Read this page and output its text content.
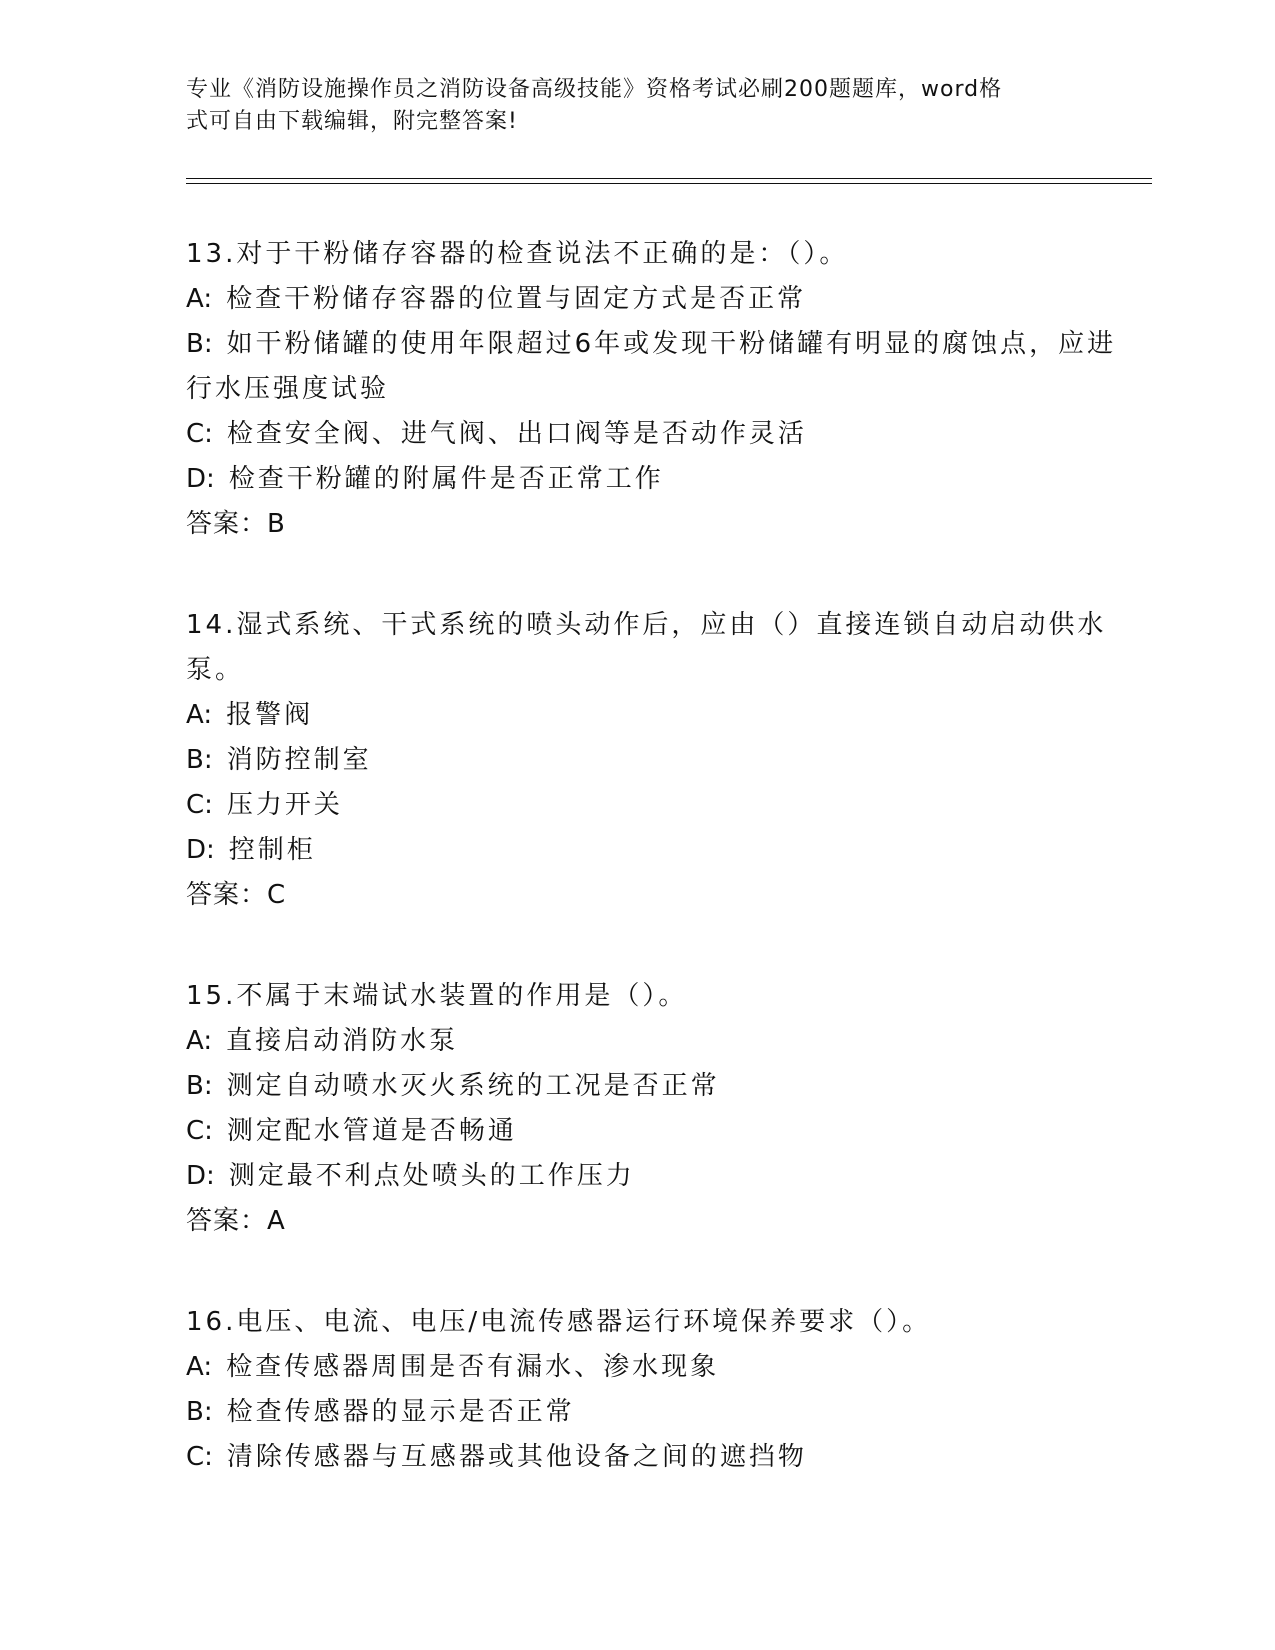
专业《消防设施操作员之消防设备高级技能》资格考试必刷200题题库，word格
式可自由下载编辑，附完整答案!
13.对于干粉储存容器的检查说法不正确的是：（）。
A: 检查干粉储存容器的位置与固定方式是否正常
B: 如干粉储罐的使用年限超过6年或发现干粉储罐有明显的腐蚀点，应进行水压强度试验
C: 检查安全阀、进气阀、出口阀等是否动作灵活
D: 检查干粉罐的附属件是否正常工作
答案：B
14.湿式系统、干式系统的喷头动作后，应由（）直接连锁自动启动供水泵。
A: 报警阀
B: 消防控制室
C: 压力开关
D: 控制柜
答案：C
15.不属于末端试水装置的作用是（）。
A: 直接启动消防水泵
B: 测定自动喷水灭火系统的工况是否正常
C: 测定配水管道是否畅通
D: 测定最不利点处喷头的工作压力
答案：A
16.电压、电流、电压/电流传感器运行环境保养要求（）。
A: 检查传感器周围是否有漏水、渗水现象
B: 检查传感器的显示是否正常
C: 清除传感器与互感器或其他设备之间的遮挡物
